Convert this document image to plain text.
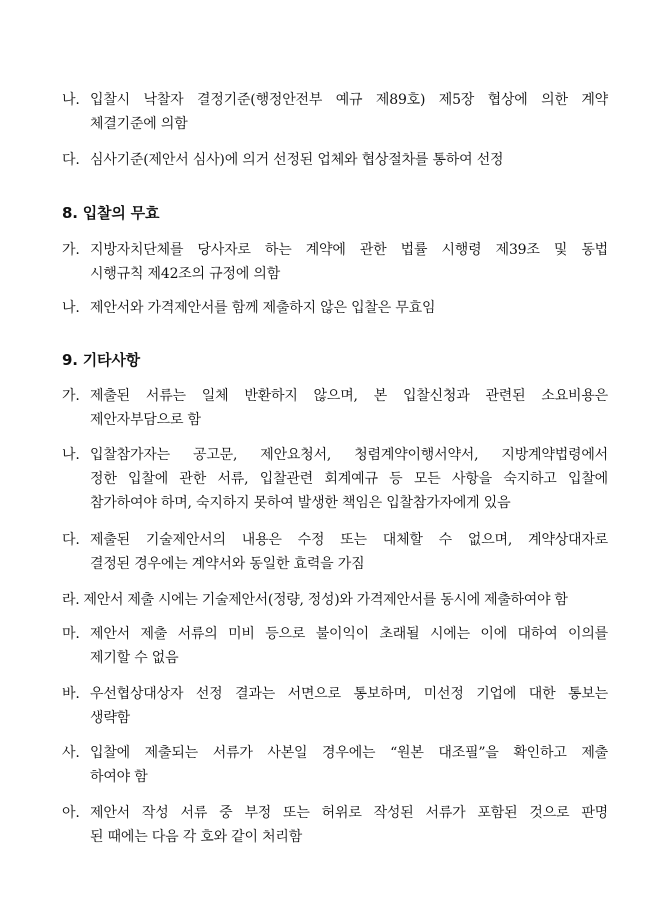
나. 입찰시 낙찰자 결정기준(행정안전부 예규 제89호) 제5장 협상에 의한 계약
체결기준에 의함
다. 심사기준(제안서 심사)에 의거 선정된 업체와 협상절차를 통하여 선정
8. 입찰의 무효
가. 지방자치단체를 당사자로 하는 계약에 관한 법률 시행령 제39조 및 동법
시행규칙 제42조의 규정에 의함
나. 제안서와 가격제안서를 함께 제출하지 않은 입찰은 무효임
9. 기타사항
가. 제출된 서류는 일체 반환하지 않으며, 본 입찰신청과 관련된 소요비용은
제안자부담으로 함
나. 입찰참가자는 공고문, 제안요청서, 청렴계약이행서약서, 지방계약법령에서
정한 입찰에 관한 서류, 입찰관련 회계예규 등 모든 사항을 숙지하고 입찰에
참가하여야 하며, 숙지하지 못하여 발생한 책임은 입찰참가자에게 있음
다. 제출된 기술제안서의 내용은 수정 또는 대체할 수 없으며, 계약상대자로
결정된 경우에는 계약서와 동일한 효력을 가짐
라. 제안서 제출 시에는 기술제안서(정량, 정성)와 가격제안서를 동시에 제출하여야 함
마. 제안서 제출 서류의 미비 등으로 불이익이 초래될 시에는 이에 대하여 이의를
제기할 수 없음
바. 우선협상대상자 선정 결과는 서면으로 통보하며, 미선정 기업에 대한 통보는
생략함
사. 입찰에 제출되는 서류가 사본일 경우에는 “원본 대조필”을 확인하고 제출
하여야 함
아. 제안서 작성 서류 중 부정 또는 허위로 작성된 서류가 포함된 것으로 판명
된 때에는 다음 각 호와 같이 처리함
